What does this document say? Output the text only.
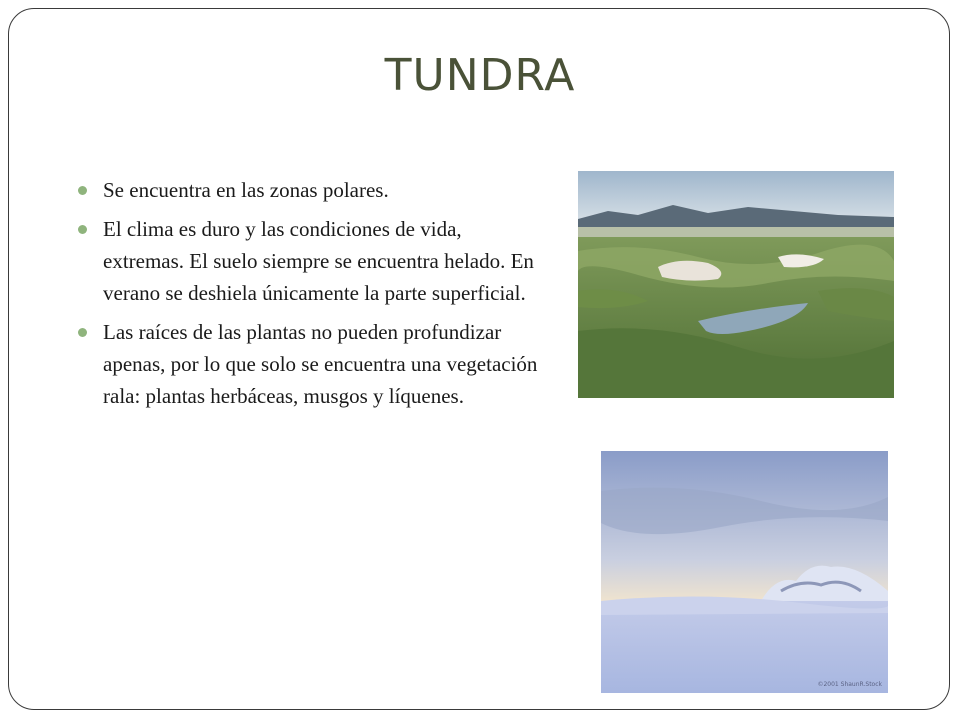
TUNDRA
Se encuentra en las zonas polares.
El clima es duro y las condiciones de vida, extremas. El suelo siempre se encuentra helado. En verano se deshiela únicamente la parte superficial.
Las raíces de las plantas no pueden profundizar apenas, por lo que solo se encuentra una vegetación rala: plantas herbáceas, musgos y líquenes.
©2001 ShaunR.Stock
